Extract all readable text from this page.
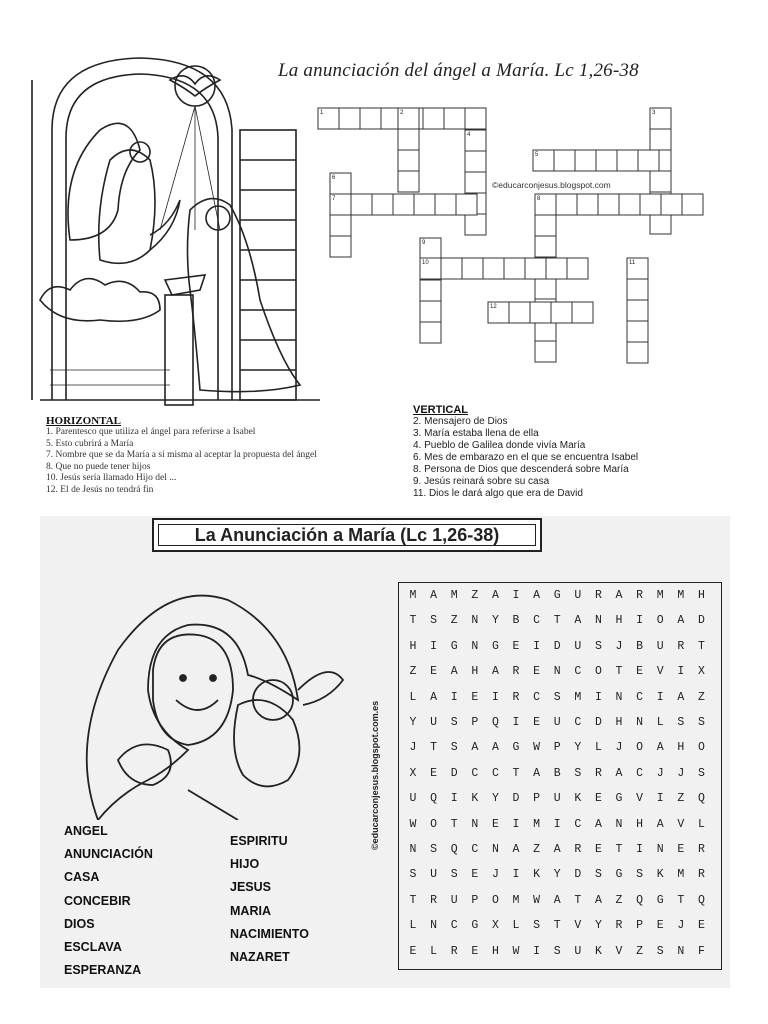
La anunciación del ángel a María. Lc 1,26-38
1	2	3
4
5
6
7	8
9
10	11
12
©educarconjesus.blogspot.com
HORIZONTAL
1. Parentesco que utiliza el ángel para referirse a Isabel
5. Esto cubrirá a María
7. Nombre que se da María a sí misma al aceptar la propuesta del ángel
8. Que no puede tener hijos
10. Jesús sería llamado Hijo del ...
12. El de Jesús no tendrá fin
VERTICAL
2. Mensajero de Dios
3. María estaba llena de ella
4. Pueblo de Galilea donde vivía María
6. Mes de embarazo en el que se encuentra Isabel
8. Persona de Dios que descenderá sobre María
9. Jesús reinará sobre su casa
11. Dios le dará algo que era de David
La Anunciación a María (Lc 1,26-38)
ANGEL
ANUNCIACIÓN
CASA
CONCEBIR
DIOS
ESCLAVA
ESPERANZA
ESPIRITU
HIJO
JESUS
MARIA
NACIMIENTO
NAZARET
©educarconjesus.blogspot.com.es
M	A	M	Z	A	I	A	G	U	R	A	R	M	M	H
T	S	Z	N	Y	B	C	T	A	N	H	I	O	A	D
H	I	G	N	G	E	I	D	U	S	J	B	U	R	T
Z	E	A	H	A	R	E	N	C	O	T	E	V	I	X
L	A	I	E	I	R	C	S	M	I	N	C	I	A	Z
Y	U	S	P	Q	I	E	U	C	D	H	N	L	S	S
J	T	S	A	A	G	W	P	Y	L	J	O	A	H	O
X	E	D	C	C	T	A	B	S	R	A	C	J	J	S
U	Q	I	K	Y	D	P	U	K	E	G	V	I	Z	Q
W	O	T	N	E	I	M	I	C	A	N	H	A	V	L
N	S	Q	C	N	A	Z	A	R	E	T	I	N	E	R
S	U	S	E	J	I	K	Y	D	S	G	S	K	M	R
T	R	U	P	O	M	W	A	T	A	Z	Q	G	T	Q
L	N	C	G	X	L	S	T	V	Y	R	P	E	J	E
E	L	R	E	H	W	I	S	U	K	V	Z	S	N	F
